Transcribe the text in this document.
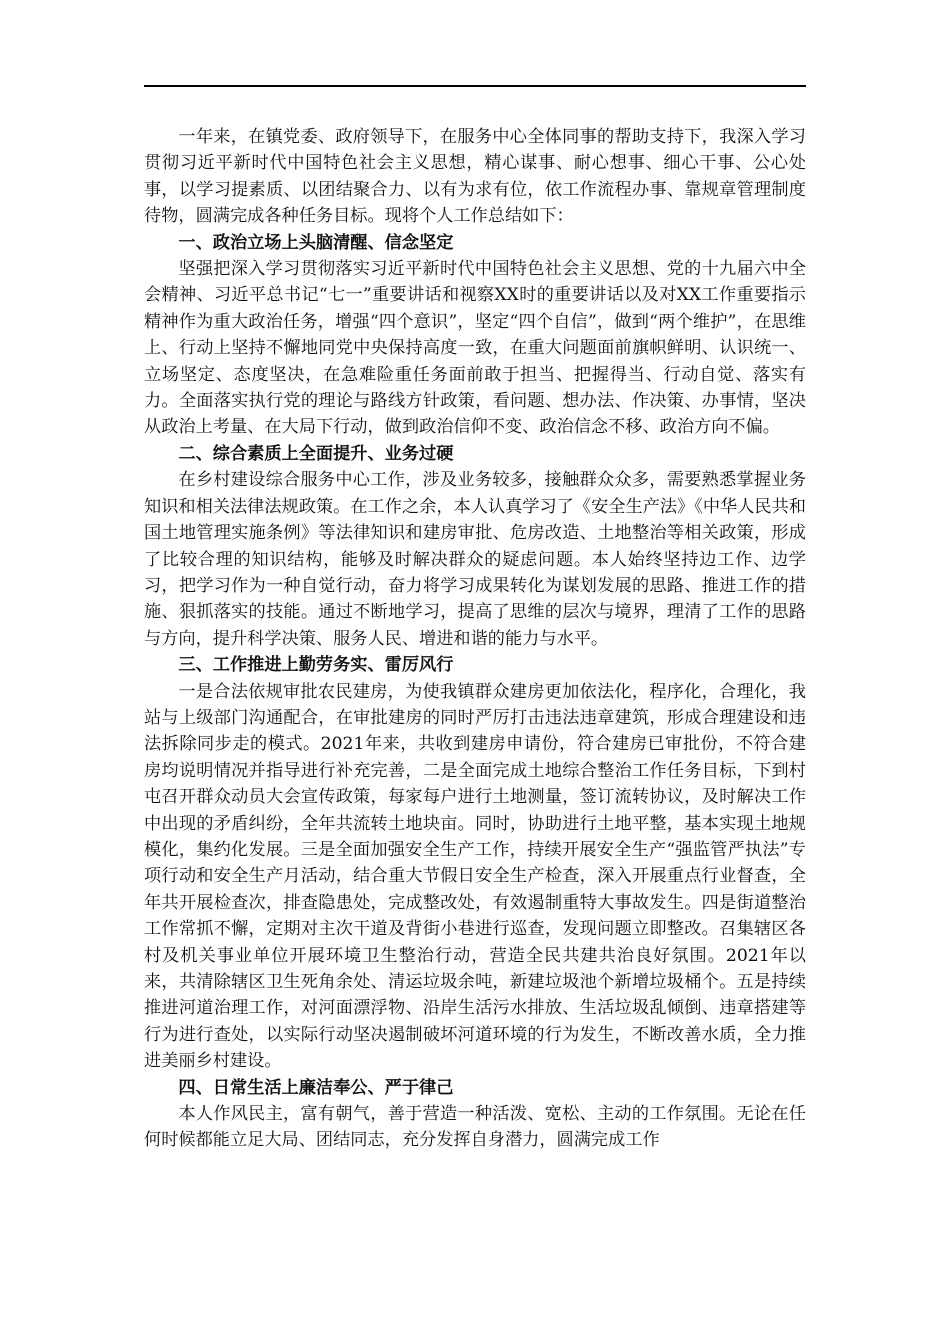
一年来，在镇党委、政府领导下，在服务中心全体同事的帮助支持下，我深入学习贯彻习近平新时代中国特色社会主义思想，精心谋事、耐心想事、细心干事、公心处事，以学习提素质、以团结聚合力、以有为求有位，依工作流程办事、靠规章管理制度待物，圆满完成各种任务目标。现将个人工作总结如下：

一、政治立场上头脑清醒、信念坚定

坚强把深入学习贯彻落实习近平新时代中国特色社会主义思想、党的十九届六中全会精神、习近平总书记“七一”重要讲话和视察XX时的重要讲话以及对XX工作重要指示精神作为重大政治任务，增强“四个意识”，坚定“四个自信”，做到“两个维护”，在思维上、行动上坚持不懈地同党中央保持高度一致，在重大问题面前旗帜鲜明、认识统一、立场坚定、态度坚决，在急难险重任务面前敢于担当、把握得当、行动自觉、落实有力。全面落实执行党的理论与路线方针政策，看问题、想办法、作决策、办事情，坚决从政治上考量、在大局下行动，做到政治信仰不变、政治信念不移、政治方向不偏。

二、综合素质上全面提升、业务过硬

在乡村建设综合服务中心工作，涉及业务较多，接触群众众多，需要熟悉掌握业务知识和相关法律法规政策。在工作之余，本人认真学习了《安全生产法》《中华人民共和国土地管理实施条例》等法律知识和建房审批、危房改造、土地整治等相关政策，形成了比较合理的知识结构，能够及时解决群众的疑虑问题。本人始终坚持边工作、边学习，把学习作为一种自觉行动，奋力将学习成果转化为谋划发展的思路、推进工作的措施、狠抓落实的技能。通过不断地学习，提高了思维的层次与境界，理清了工作的思路与方向，提升科学决策、服务人民、增进和谐的能力与水平。

三、工作推进上勤劳务实、雷厉风行

一是合法依规审批农民建房，为使我镇群众建房更加依法化，程序化，合理化，我站与上级部门沟通配合，在审批建房的同时严厉打击违法违章建筑，形成合理建设和违法拆除同步走的模式。2021年来，共收到建房申请份，符合建房已审批份，不符合建房均说明情况并指导进行补充完善，二是全面完成土地综合整治工作任务目标，下到村屯召开群众动员大会宣传政策，每家每户进行土地测量，签订流转协议，及时解决工作中出现的矛盾纠纷，全年共流转土地块亩。同时，协助进行土地平整，基本实现土地规模化，集约化发展。三是全面加强安全生产工作，持续开展安全生产“强监管严执法”专项行动和安全生产月活动，结合重大节假日安全生产检查，深入开展重点行业督查，全年共开展检查次，排查隐患处，完成整改处，有效遏制重特大事故发生。四是街道整治工作常抓不懈，定期对主次干道及背街小巷进行巡查，发现问题立即整改。召集辖区各村及机关事业单位开展环境卫生整治行动，营造全民共建共治良好氛围。2021年以来，共清除辖区卫生死角余处、清运垃圾余吨，新建垃圾池个新增垃圾桶个。五是持续推进河道治理工作，对河面漂浮物、沿岸生活污水排放、生活垃圾乱倾倒、违章搭建等行为进行查处，以实际行动坚决遏制破坏河道环境的行为发生，不断改善水质，全力推进美丽乡村建设。

四、日常生活上廉洁奉公、严于律己

本人作风民主，富有朝气，善于营造一种活泼、宽松、主动的工作氛围。无论在任何时候都能立足大局、团结同志，充分发挥自身潜力，圆满完成工作
